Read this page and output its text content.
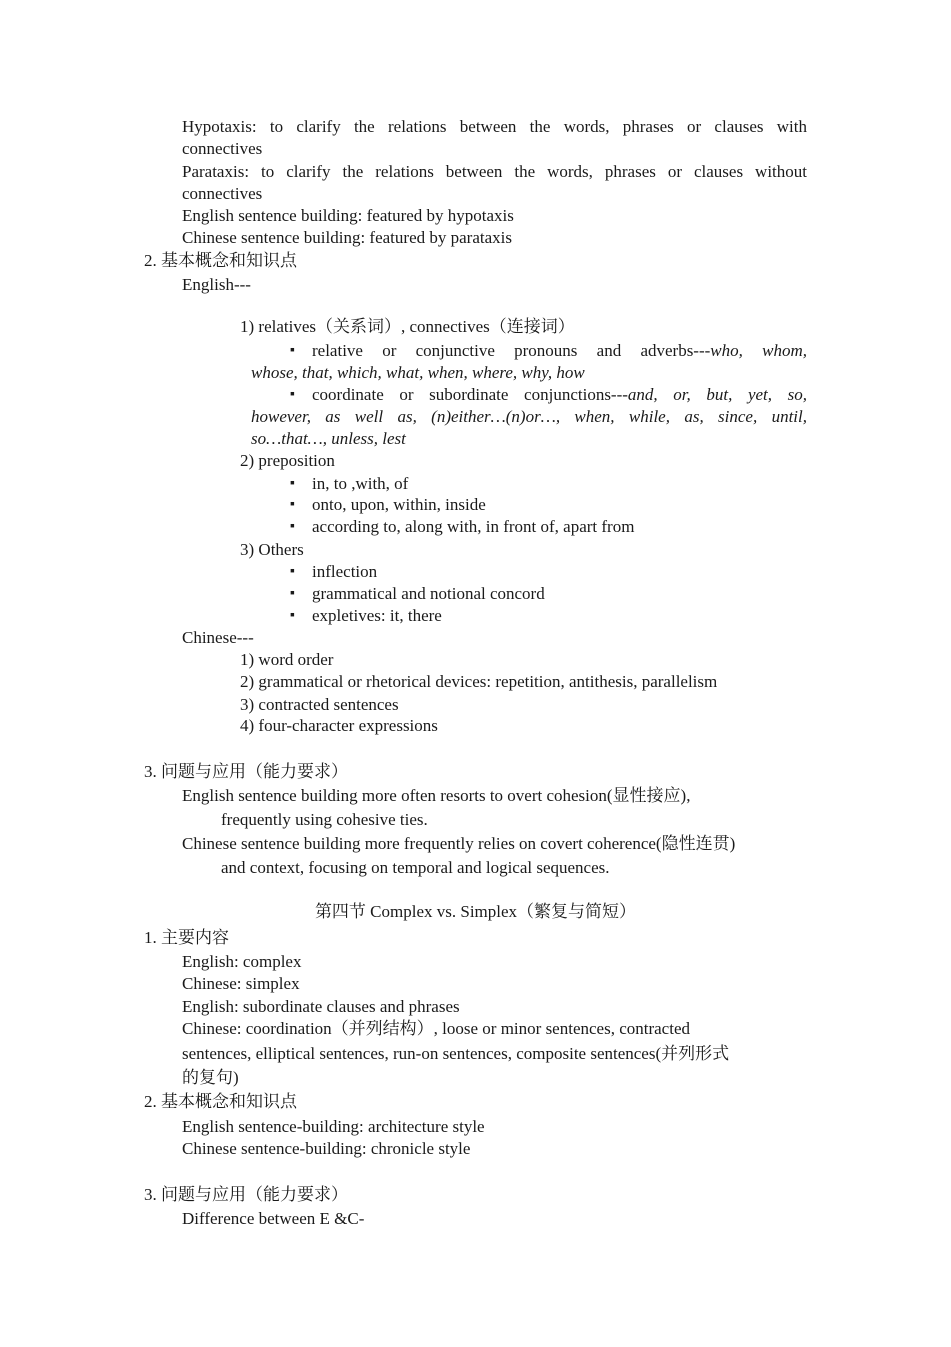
Hypotaxis: to clarify the relations between the words, phrases or clauses with
connectives
Parataxis: to clarify the relations between the words, phrases or clauses without
connectives
English sentence building: featured by hypotaxis
Chinese sentence building: featured by parataxis
2. 基本概念和知识点
English---
1) relatives（关系词）, connectives（连接词）
▪ relative or conjunctive pronouns and adverbs---who, whom,
whose, that, which, what, when, where, why, how
▪ coordinate or subordinate conjunctions---and, or, but, yet, so,
however, as well as, (n)either…(n)or…, when, while, as, since, until,
so…that…, unless, lest
2) preposition
▪ in, to ,with, of
▪ onto, upon, within, inside
▪ according to, along with, in front of, apart from
3) Others
▪ inflection
▪ grammatical and notional concord
▪ expletives: it, there
Chinese---
1) word order
2) grammatical or rhetorical devices: repetition, antithesis, parallelism
3) contracted sentences
4) four-character expressions
3. 问题与应用（能力要求）
English sentence building more often resorts to overt cohesion(显性接应),
frequently using cohesive ties.
Chinese sentence building more frequently relies on covert coherence(隐性连贯)
and context, focusing on temporal and logical sequences.
第四节 Complex vs. Simplex（繁复与简短）
1. 主要内容
English: complex
Chinese: simplex
English: subordinate clauses and phrases
Chinese: coordination（并列结构）, loose or minor sentences, contracted
sentences, elliptical sentences, run-on sentences, composite sentences(并列形式
的复句)
2. 基本概念和知识点
English sentence-building: architecture style
Chinese sentence-building: chronicle style
3. 问题与应用（能力要求）
Difference between E &C-
